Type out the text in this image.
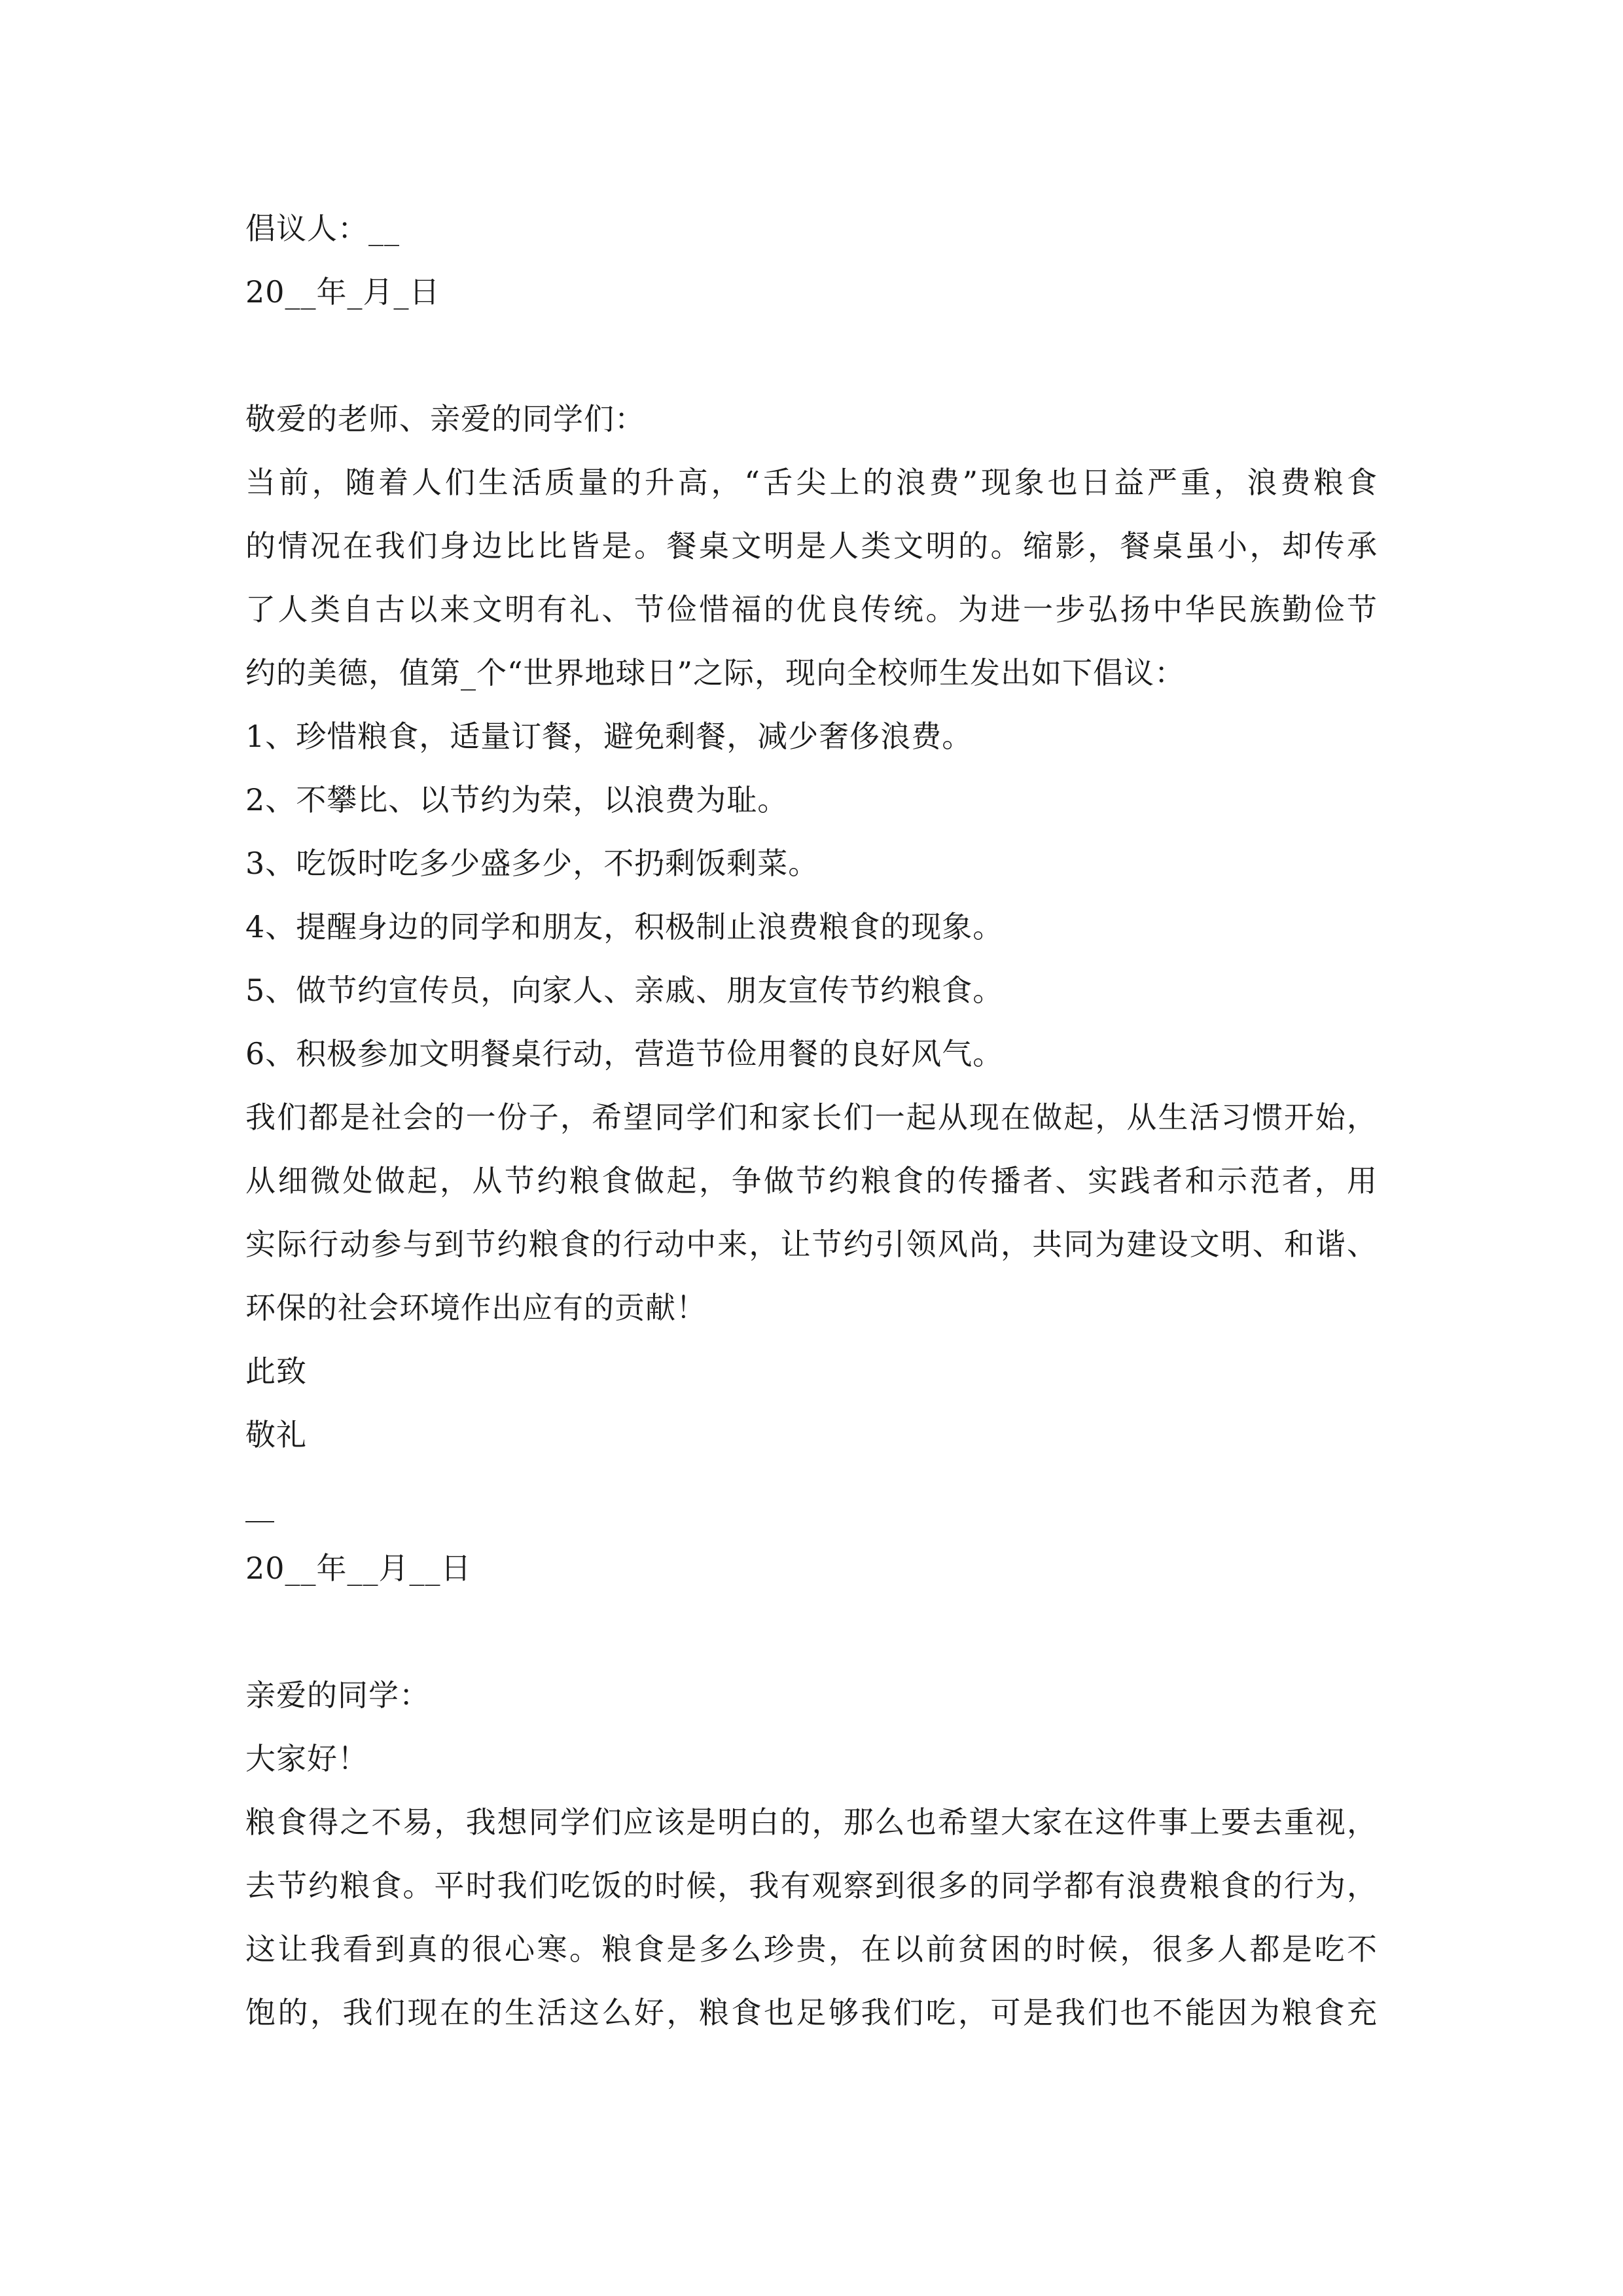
倡议人：__
20__年_月_日
敬爱的老师、亲爱的同学们：
当前，随着人们生活质量的升高，“舌尖上的浪费”现象也日益严重，浪费粮食
的情况在我们身边比比皆是。餐桌文明是人类文明的。缩影，餐桌虽小，却传承
了人类自古以来文明有礼、节俭惜福的优良传统。为进一步弘扬中华民族勤俭节
约的美德，值第_个“世界地球日”之际，现向全校师生发出如下倡议：
1、珍惜粮食，适量订餐，避免剩餐，减少奢侈浪费。
2、不攀比、以节约为荣，以浪费为耻。
3、吃饭时吃多少盛多少，不扔剩饭剩菜。
4、提醒身边的同学和朋友，积极制止浪费粮食的现象。
5、做节约宣传员，向家人、亲戚、朋友宣传节约粮食。
6、积极参加文明餐桌行动，营造节俭用餐的良好风气。
我们都是社会的一份子，希望同学们和家长们一起从现在做起，从生活习惯开始，
从细微处做起，从节约粮食做起，争做节约粮食的传播者、实践者和示范者，用
实际行动参与到节约粮食的行动中来，让节约引领风尚，共同为建设文明、和谐、
环保的社会环境作出应有的贡献！
此致
敬礼
20__年__月__日
亲爱的同学：
大家好！
粮食得之不易，我想同学们应该是明白的，那么也希望大家在这件事上要去重视，
去节约粮食。平时我们吃饭的时候，我有观察到很多的同学都有浪费粮食的行为，
这让我看到真的很心寒。粮食是多么珍贵，在以前贫困的时候，很多人都是吃不
饱的，我们现在的生活这么好，粮食也足够我们吃，可是我们也不能因为粮食充
